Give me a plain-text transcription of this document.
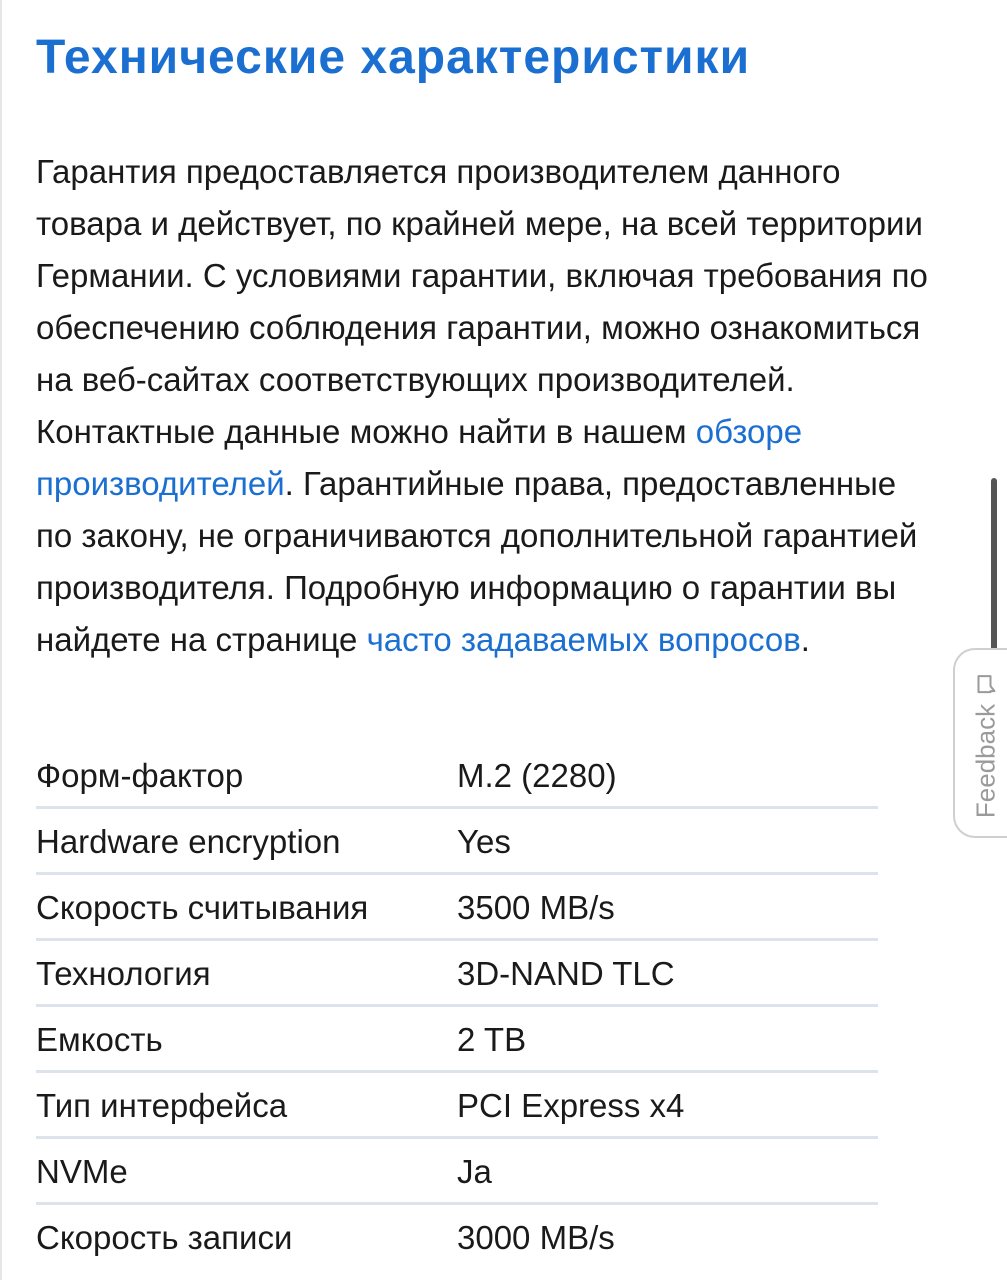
Технические характеристики

Гарантия предоставляется производителем данного товара и действует, по крайней мере, на всей территории Германии. С условиями гарантии, включая требования по обеспечению соблюдения гарантии, можно ознакомиться на веб-сайтах соответствующих производителей. Контактные данные можно найти в нашем обзоре производителей. Гарантийные права, предоставленные по закону, не ограничиваются дополнительной гарантией производителя. Подробную информацию о гарантии вы найдете на странице часто задаваемых вопросов.

Форм-фактор	M.2 (2280)
Hardware encryption	Yes
Скорость считывания	3500 MB/s
Технология	3D-NAND TLC
Емкость	2 TB
Тип интерфейса	PCI Express x4
NVMe	Ja
Скорость записи	3000 MB/s
Feedback
